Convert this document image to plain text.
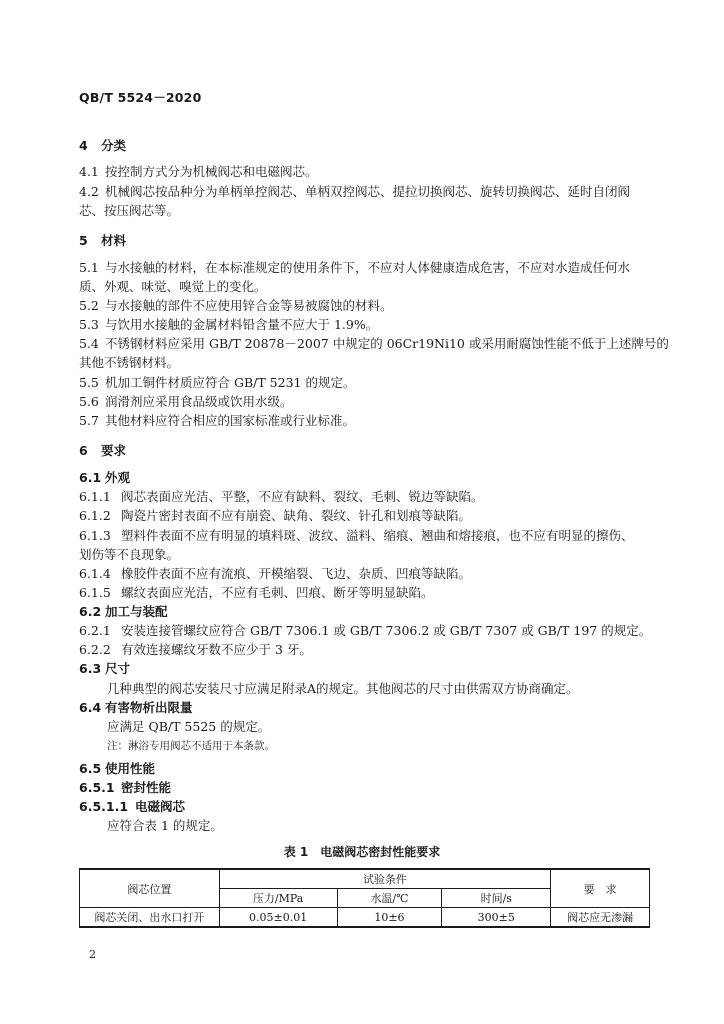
QB/T 5524－2020
4 分类
4.1 按控制方式分为机械阀芯和电磁阀芯。
4.2 机械阀芯按品种分为单柄单控阀芯、单柄双控阀芯、提拉切换阀芯、旋转切换阀芯、延时自闭阀
芯、按压阀芯等。
5 材料
5.1 与水接触的材料，在本标准规定的使用条件下，不应对人体健康造成危害，不应对水造成任何水
质、外观、味觉、嗅觉上的变化。
5.2 与水接触的部件不应使用锌合金等易被腐蚀的材料。
5.3 与饮用水接触的金属材料铅含量不应大于 1.9%。
5.4 不锈钢材料应采用 GB/T 20878－2007 中规定的 06Cr19Ni10 或采用耐腐蚀性能不低于上述牌号的
其他不锈钢材料。
5.5 机加工铜件材质应符合 GB/T 5231 的规定。
5.6 润滑剂应采用食品级或饮用水级。
5.7 其他材料应符合相应的国家标准或行业标准。
6 要求
6.1 外观
6.1.1 阀芯表面应光洁、平整，不应有缺料、裂纹、毛刺、锐边等缺陷。
6.1.2 陶瓷片密封表面不应有崩瓷、缺角、裂纹、针孔和划痕等缺陷。
6.1.3 塑料件表面不应有明显的填料斑、波纹、溢料、缩痕、翘曲和熔接痕，也不应有明显的擦伤、
划伤等不良现象。
6.1.4 橡胶件表面不应有流痕、开模缩裂、飞边、杂质、凹痕等缺陷。
6.1.5 螺纹表面应光洁，不应有毛刺、凹痕、断牙等明显缺陷。
6.2 加工与装配
6.2.1 安装连接管螺纹应符合 GB/T 7306.1 或 GB/T 7306.2 或 GB/T 7307 或 GB/T 197 的规定。
6.2.2 有效连接螺纹牙数不应少于 3 牙。
6.3 尺寸
几种典型的阀芯安装尺寸应满足附录A的规定。其他阀芯的尺寸由供需双方协商确定。
6.4 有害物析出限量
应满足 QB/T 5525 的规定。
注：淋浴专用阀芯不适用于本条款。
6.5 使用性能
6.5.1 密封性能
6.5.1.1 电磁阀芯
应符合表 1 的规定。
表 1　电磁阀芯密封性能要求
阀芯位置	试验条件			要　求
	压力/MPa	水温/℃	时间/s	
阀芯关闭、出水口打开	0.05±0.01	10±6	300±5	阀芯应无渗漏
2
